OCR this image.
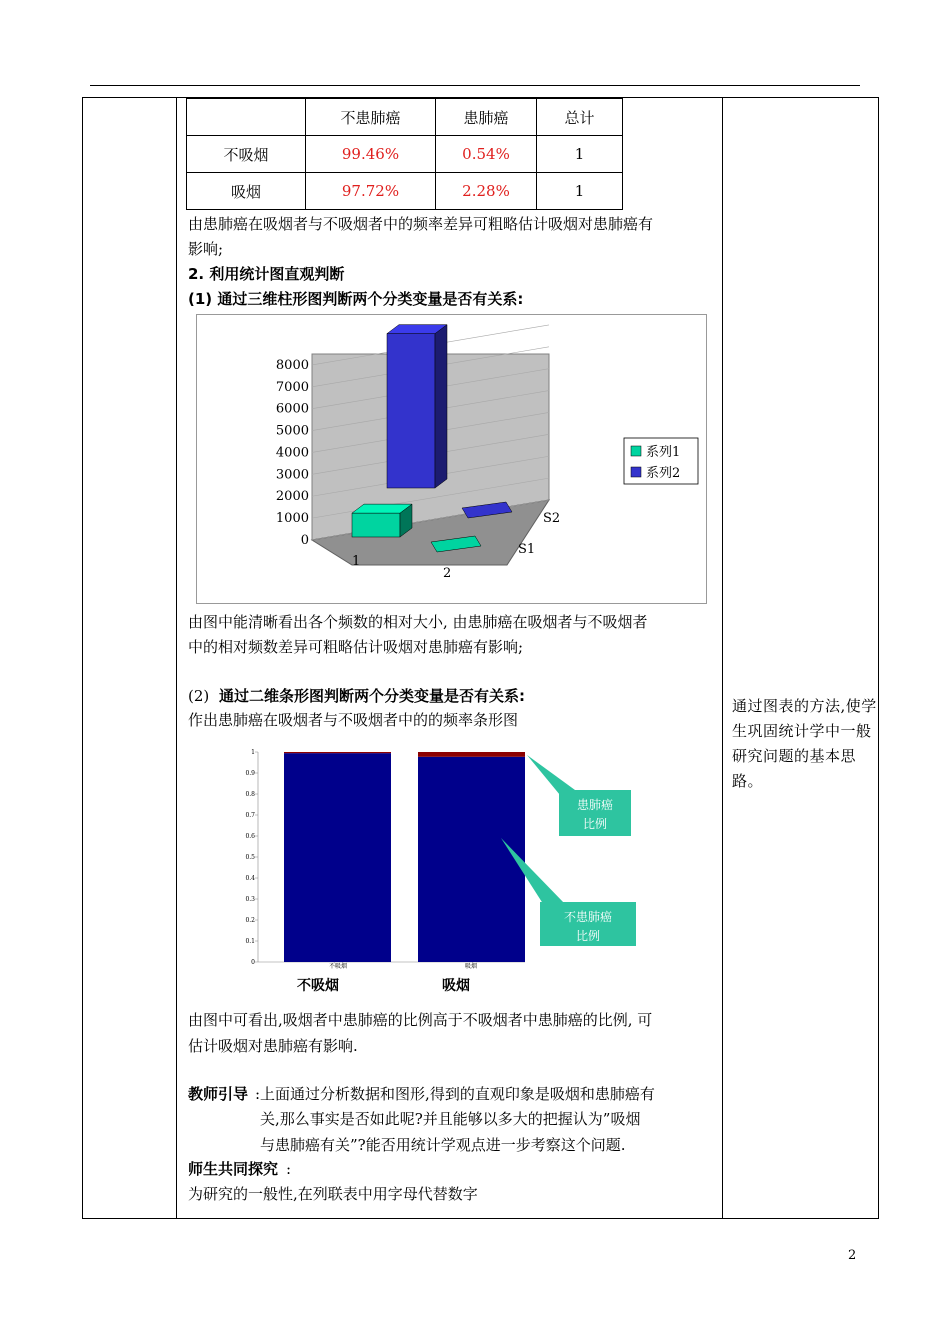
	不患肺癌	患肺癌	总计
不吸烟	99.46%	0.54%	1
吸烟	97.72%	2.28%	1
由患肺癌在吸烟者与不吸烟者中的频率差异可粗略估计吸烟对患肺癌有
影响;
2. 利用统计图直观判断
(1) 通过三维柱形图判断两个分类变量是否有关系:
0
1000
2000
3000
4000
5000
6000
7000
8000
1
2
S1
S2
系列1
系列2
由图中能清晰看出各个频数的相对大小, 由患肺癌在吸烟者与不吸烟者
中的相对频数差异可粗略估计吸烟对患肺癌有影响;
(2) 通过二维条形图判断两个分类变量是否有关系:
作出患肺癌在吸烟者与不吸烟者中的的频率条形图
0
0.1
0.2
0.3
0.4
0.5
0.6
0.7
0.8
0.9
1
不吸烟	吸烟
患肺癌
比例
不患肺癌
比例
不吸烟	吸烟
由图中可看出,吸烟者中患肺癌的比例高于不吸烟者中患肺癌的比例, 可
估计吸烟对患肺癌有影响.
教师引导 :上面通过分析数据和图形,得到的直观印象是吸烟和患肺癌有
关,那么事实是否如此呢?并且能够以多大的把握认为”吸烟
与患肺癌有关”?能否用统计学观点进一步考察这个问题.
师生共同探究 :
为研究的一般性,在列联表中用字母代替数字
通过图表的方法,使学生巩固统计学中一般研究问题的基本思路。
2
